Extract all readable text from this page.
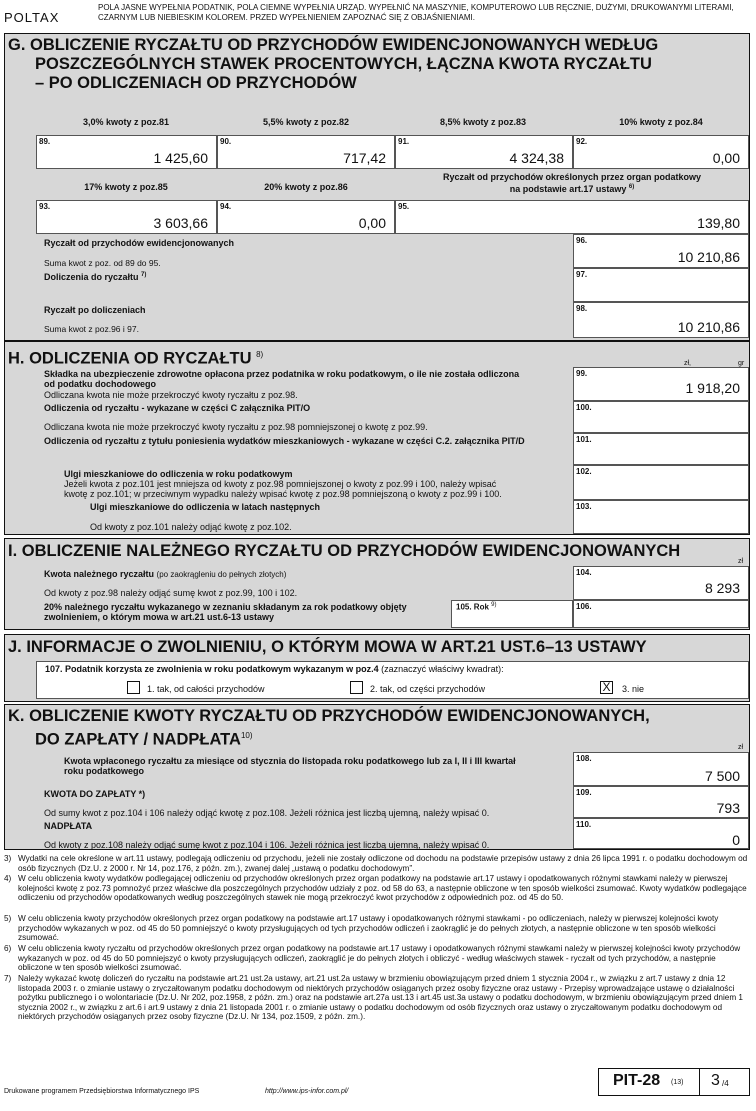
POLTAX
POLA JASNE WYPEŁNIA PODATNIK, POLA CIEMNE WYPEŁNIA URZĄD. WYPEŁNIĆ NA MASZYNIE, KOMPUTEROWO LUB RĘCZNIE, DUŻYMI, DRUKOWANYMI LITERAMI, CZARNYM LUB NIEBIESKIM KOLOREM. PRZED WYPEŁNIENIEM ZAPOZNAĆ SIĘ Z OBJAŚNIENIAMI.
G. OBLICZENIE RYCZAŁTU OD PRZYCHODÓW EWIDENCJONOWANYCH WEDŁUG
POSZCZEGÓLNYCH STAWEK PROCENTOWYCH, ŁĄCZNA KWOTA RYCZAŁTU
– PO ODLICZENIACH OD PRZYCHODÓW
3,0% kwoty z poz.81	5,5% kwoty z poz.82	8,5% kwoty z poz.83	10% kwoty z poz.84
89.
1 425,60
90.
717,42
91.
4 324,38
92.
0,00
17% kwoty z poz.85	20% kwoty z poz.86
Ryczałt od przychodów określonych przez organ podatkowy
na podstawie art.17 ustawy $^{6)}$
93.
3 603,66
94.
0,00
95.
139,80
Ryczałt od przychodów ewidencjonowanych
Suma kwot z poz. od 89 do 95.
96.
10 210,86
Doliczenia do ryczałtu $^{7)}$	97.
Ryczałt po doliczeniach
Suma kwot z poz.96 i 97.
98.
10 210,86
H. ODLICZENIA OD RYCZAŁTU $^{8)}$
zł,	gr
Składka na ubezpieczenie zdrowotne opłacona przez podatnika w roku podatkowym, o ile nie została odliczona
od podatku dochodowego
Odliczana kwota nie może przekroczyć kwoty ryczałtu z poz.98.
99.
1 918,20
Odliczenia od ryczałtu - wykazane w części C załącznika PIT/O
Odliczana kwota nie może przekroczyć kwoty ryczałtu z poz.98 pomniejszonej o kwotę z poz.99.
100.
Odliczenia od ryczałtu z tytułu poniesienia wydatków mieszkaniowych - wykazane w części C.2. załącznika PIT/D	101.
Ulgi mieszkaniowe do odliczenia w roku podatkowym
Jeżeli kwota z poz.101 jest mniejsza od kwoty z poz.98 pomniejszonej o kwoty z poz.99 i 100, należy wpisać
kwotę z poz.101; w przeciwnym wypadku należy wpisać kwotę z poz.98 pomniejszoną o kwoty z poz.99 i 100.
102.
Ulgi mieszkaniowe do odliczenia w latach następnych
Od kwoty z poz.101 należy odjąć kwotę z poz.102.
103.
I. OBLICZENIE NALEŻNEGO RYCZAŁTU OD PRZYCHODÓW EWIDENCJONOWANYCH
zł
Kwota należnego ryczałtu (po zaokrągleniu do pełnych złotych)
Od kwoty z poz.98 należy odjąć sumę kwot z poz.99, 100 i 102.
104.
8 293
20% należnego ryczałtu wykazanego w zeznaniu składanym za rok podatkowy objęty
zwolnieniem, o którym mowa w art.21 ust.6-13 ustawy
105. Rok $^{9)}$	106.
J. INFORMACJE O ZWOLNIENIU, O KTÓRYM MOWA W ART.21 UST.6–13 USTAWY
107. Podatnik korzysta ze zwolnienia w roku podatkowym wykazanym w poz.4 (zaznaczyć właściwy kwadrat):
1. tak, od całości przychodów	2. tak, od części przychodów	X 3. nie
K. OBLICZENIE KWOTY RYCZAŁTU OD PRZYCHODÓW EWIDENCJONOWANYCH,
DO ZAPŁATY / NADPŁATA$^{10)}$
zł
Kwota wpłaconego ryczałtu za miesiące od stycznia do listopada roku podatkowego lub za I, II i III kwartał
roku podatkowego
108.
7 500
KWOTA DO ZAPŁATY *)
Od sumy kwot z poz.104 i 106 należy odjąć kwotę z poz.108. Jeżeli różnica jest liczbą ujemną, należy wpisać 0.
109.
793
NADPŁATA
Od kwoty z poz.108 należy odjąć sumę kwot z poz.104 i 106. Jeżeli różnica jest liczbą ujemną, należy wpisać 0.
110.
0
3) Wydatki na cele określone w art.11 ustawy, podlegają odliczeniu od przychodu, jeżeli nie zostały odliczone od dochodu na podstawie przepisów ustawy z dnia 26 lipca 1991 r. o podatku dochodowym od osób fizycznych (Dz.U. z 2000 r. Nr 14, poz.176, z późn. zm.), zwanej dalej „ustawą o podatku dochodowym”.
4) W celu obliczenia kwoty wydatków podlegającej odliczeniu od przychodów określonych przez organ podatkowy na podstawie art.17 ustawy i opodatkowanych różnymi stawkami należy w pierwszej kolejności kwotę z poz.73 pomnożyć przez właściwe dla poszczególnych przychodów udziały z poz. od 58 do 63, a następnie obliczone w ten sposób wielkości zsumować. Kwoty wydatków podlegające odliczeniu od przychodów opodatkowanych według poszczególnych stawek nie mogą przekroczyć kwot przychodów z odpowiednich poz. od 45 do 50.
5) W celu obliczenia kwoty przychodów określonych przez organ podatkowy na podstawie art.17 ustawy i opodatkowanych różnymi stawkami - po odliczeniach, należy w pierwszej kolejności kwoty przychodów wykazanych w poz. od 45 do 50 pomniejszyć o kwoty przysługujących od tych przychodów odliczeń i zaokrąglić je do pełnych złotych, a następnie obliczone w ten sposób wielkości zsumować.
6) W celu obliczenia kwoty ryczałtu od przychodów określonych przez organ podatkowy na podstawie art.17 ustawy i opodatkowanych różnymi stawkami należy w pierwszej kolejności kwoty przychodów wykazanych w poz. od 45 do 50 pomniejszyć o kwoty przysługujących odliczeń, zaokrąglić je do pełnych złotych i obliczyć - według właściwych stawek - ryczałt od tych przychodów, a następnie obliczone w ten sposób wielkości zsumować.
7) Należy wykazać kwotę doliczeń do ryczałtu na podstawie art.21 ust.2a ustawy, art.21 ust.2a ustawy w brzmieniu obowiązującym przed dniem 1 stycznia 2004 r., w związku z art.7 ustawy z dnia 12 listopada 2003 r. o zmianie ustawy o zryczałtowanym podatku dochodowym od niektórych przychodów osiąganych przez osoby fizyczne oraz ustawy - Przepisy wprowadzające ustawę o działalności pożytku publicznego i o wolontariacie (Dz.U. Nr 202, poz.1958, z późn. zm.) oraz na podstawie art.27a ust.13 i art.45 ust.3a ustawy o podatku dochodowym, w brzmieniu obowiązującym przed dniem 1 stycznia 2002 r., w związku z art.6 i art.9 ustawy z dnia 21 listopada 2001 r. o zmianie ustawy o podatku dochodowym od osób fizycznych oraz ustawy o zryczałtowanym podatku dochodowym od niektórych przychodów osiąganych przez osoby fizyczne (Dz.U. Nr 134, poz.1509, z późn. zm.).
Drukowane programem Przedsiębiorstwa Informatycznego IPS	http://www.ips-infor.com.pl/
PIT-28 (13) 3 /4
